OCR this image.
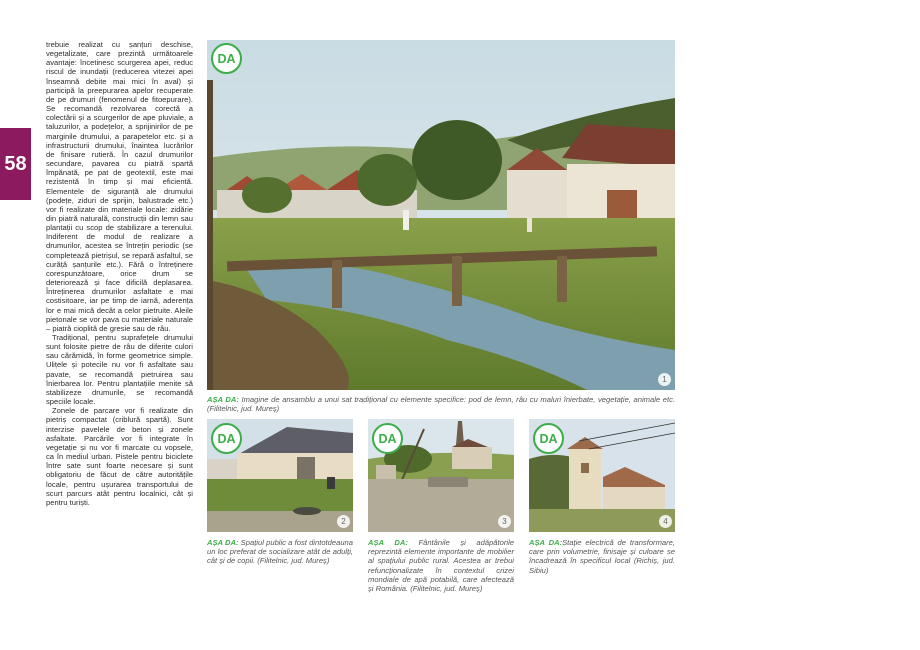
58

trebuie realizat cu șanțuri deschise, vegetalizate, care prezintă următoarele avantaje: încetinesc scurgerea apei, reduc riscul de inundații (reducerea vitezei apei înseamnă debite mai mici în aval) și participă la preepurarea apelor recuperate de pe drumuri (fenomenul de fitoepurare). Se recomandă rezolvarea corectă a colectării și a scurgerilor de ape pluviale, a taluzurilor, a podețelor, a sprijinirilor de pe marginile drumului, a parapetelor etc. și a infrastructurii drumului, înaintea lucrărilor de finisare rutieră. În cazul drumurilor secundare, pavarea cu piatră spartă împănată, pe pat de geotextil, este mai rezistentă în timp și mai eficientă. Elementele de siguranță ale drumului (podețe, ziduri de sprijin, balustrade etc.) vor fi realizate din materiale locale: zidărie din piatră naturală, construcții din lemn sau plantații cu scop de stabilizare a terenului. Indiferent de modul de realizare a drumurilor, acestea se întrețin periodic (se completează pietrișul, se repară asfaltul, se curăță șanțurile etc.). Fără o întreținere corespunzătoare, orice drum se deteriorează și face dificilă deplasarea. Întreținerea drumurilor asfaltate e mai costisitoare, iar pe timp de iarnă, aderența lor e mai mică decât a celor pietruite. Aleile pietonale se vor pava cu materiale naturale – piatră cioplită de gresie sau de râu.

Tradițional, pentru suprafețele drumului sunt folosite pietre de râu de diferite culori sau cărămidă, în forme geometrice simple. Ulițele și potecile nu vor fi asfaltate sau pavate, se recomandă pietruirea sau înierbarea lor. Pentru plantațiile menite să stabilizeze drumurile, se recomandă speciile locale.

Zonele de parcare vor fi realizate din pietriș compactat (criblură spartă). Sunt interzise pavelele de beton și zonele asfaltate. Parcările vor fi integrate în vegetație și nu vor fi marcate cu vopsele, ca în mediul urban. Pistele pentru biciclete între sate sunt foarte necesare și sunt obligatoriu de făcut de către autoritățile locale, pentru ușurarea transportului de scurt parcurs atât pentru localnici, cât și pentru turiști.

DA
1
AȘA DA: Imagine de ansamblu a unui sat tradițional cu elemente specifice: pod de lemn, râu cu maluri înierbate, vegetație, animale etc. (Filitelnic, jud. Mureș)
DA
2
AȘA DA: Spațiul public a fost dintotdeauna un loc preferat de socializare atât de adulți, cât și de copii. (Filitelnic, jud. Mureș)
DA
3
AȘA DA: Fântânile și adăpătorile reprezintă elemente importante de mobilier al spațiului public rural. Acestea ar trebui refuncționalizate în contextul crizei mondiale de apă potabilă, care afectează și România. (Filitelnic, jud. Mureș)
DA
4
AȘA DA:Stație electrică de transformare, care prin volumetrie, finisaje și culoare se încadrează în specificul local (Richiș, jud. Sibiu)
